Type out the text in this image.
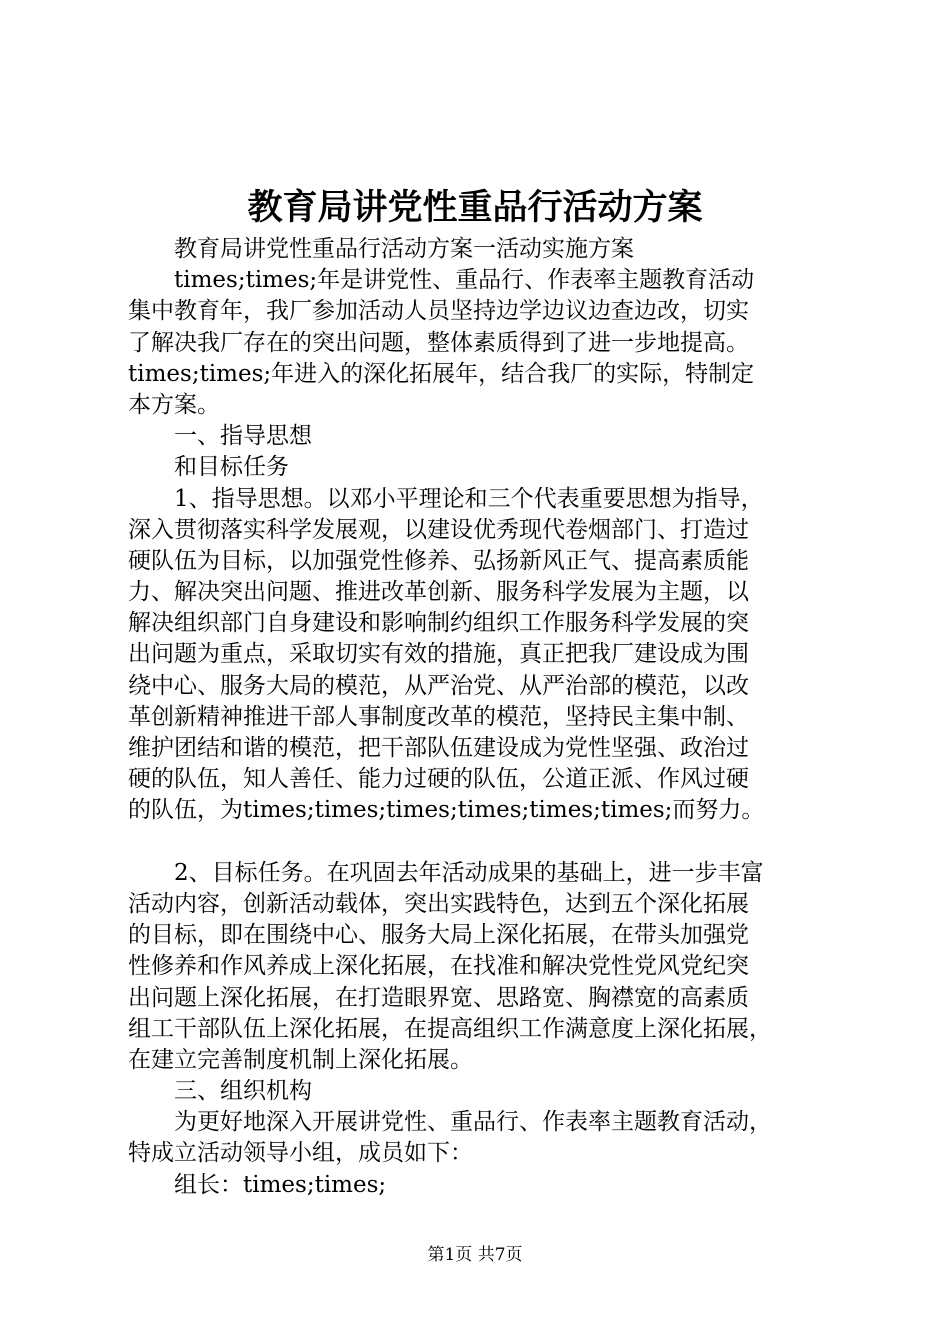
教育局讲党性重品行活动方案
　　教育局讲党性重品行活动方案一活动实施方案
　　times;times;年是讲党性、重品行、作表率主题教育活动
集中教育年，我厂参加活动人员坚持边学边议边查边改，切实
了解决我厂存在的突出问题，整体素质得到了进一步地提高。
times;times;年进入的深化拓展年，结合我厂的实际，特制定
本方案。
　　一、指导思想
　　和目标任务
　　1、指导思想。以邓小平理论和三个代表重要思想为指导，
深入贯彻落实科学发展观，以建设优秀现代卷烟部门、打造过
硬队伍为目标，以加强党性修养、弘扬新风正气、提高素质能
力、解决突出问题、推进改革创新、服务科学发展为主题，以
解决组织部门自身建设和影响制约组织工作服务科学发展的突
出问题为重点，采取切实有效的措施，真正把我厂建设成为围
绕中心、服务大局的模范，从严治党、从严治部的模范，以改
革创新精神推进干部人事制度改革的模范，坚持民主集中制、
维护团结和谐的模范，把干部队伍建设成为党性坚强、政治过
硬的队伍，知人善任、能力过硬的队伍，公道正派、作风过硬
的队伍，为times;times;times;times;times;times;而努力。
　　2、目标任务。在巩固去年活动成果的基础上，进一步丰富
活动内容，创新活动载体，突出实践特色，达到五个深化拓展
的目标，即在围绕中心、服务大局上深化拓展，在带头加强党
性修养和作风养成上深化拓展，在找准和解决党性党风党纪突
出问题上深化拓展，在打造眼界宽、思路宽、胸襟宽的高素质
组工干部队伍上深化拓展，在提高组织工作满意度上深化拓展，
在建立完善制度机制上深化拓展。
　　三、组织机构
　　为更好地深入开展讲党性、重品行、作表率主题教育活动，
特成立活动领导小组，成员如下：
　　组长：times;times;
第1页 共7页
